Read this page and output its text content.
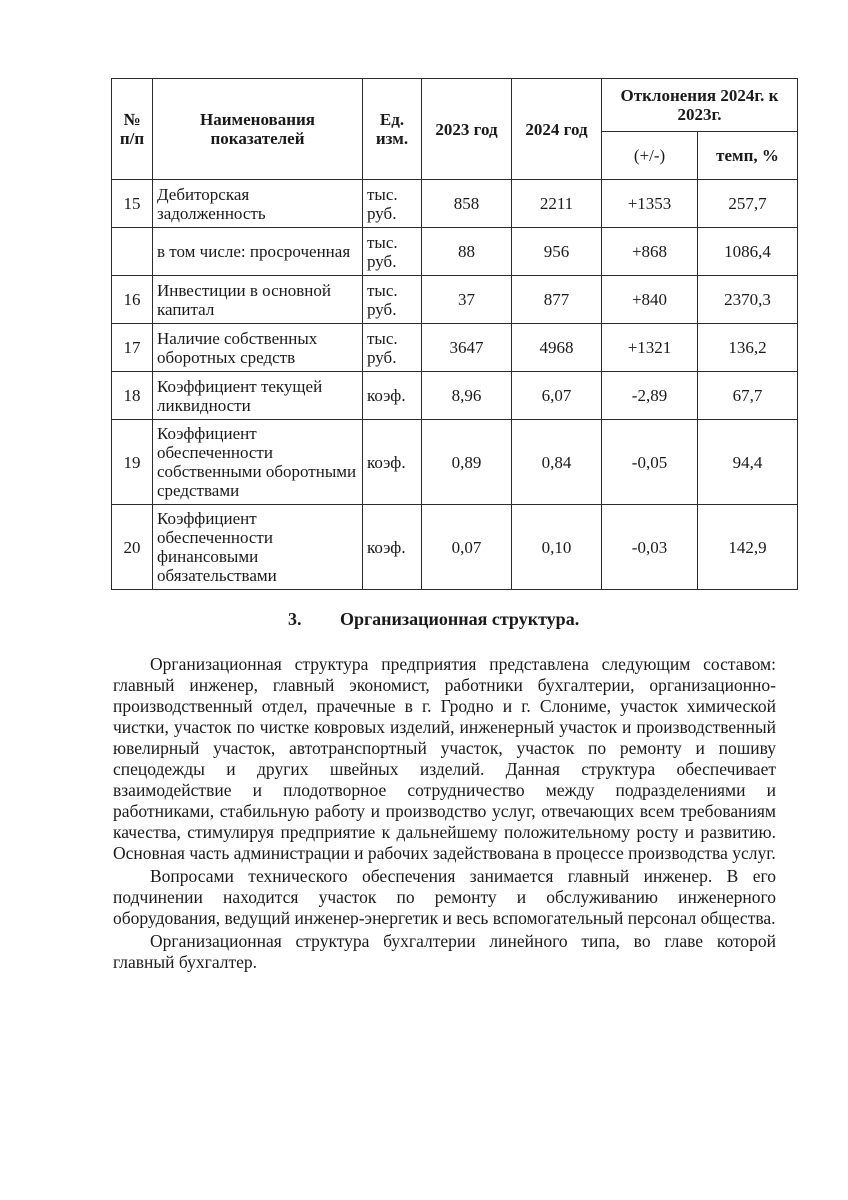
№ п/п	Наименования показателей	Ед. изм.	2023 год	2024 год	Отклонения 2024г. к 2023г.	
					(+/-)	темп, %
15	Дебиторская задолженность	тыс. руб.	858	2211	+1353	257,7
	в том числе: просроченная	тыс. руб.	88	956	+868	1086,4
16	Инвестиции в основной капитал	тыс. руб.	37	877	+840	2370,3
17	Наличие собственных оборотных средств	тыс. руб.	3647	4968	+1321	136,2
18	Коэффициент текущей ликвидности	коэф.	8,96	6,07	-2,89	67,7
19	Коэффициент обеспеченности собственными оборотными средствами	коэф.	0,89	0,84	-0,05	94,4
20	Коэффициент обеспеченности финансовыми обязательствами	коэф.	0,07	0,10	-0,03	142,9
3. Организационная структура.

Организационная структура предприятия представлена следующим составом: главный инженер, главный экономист, работники бухгалтерии, организационно-производственный отдел, прачечные в г. Гродно и г. Слониме, участок химической чистки, участок по чистке ковровых изделий, инженерный участок и производственный ювелирный участок, автотранспортный участок, участок по ремонту и пошиву спецодежды и других швейных изделий. Данная структура обеспечивает взаимодействие и плодотворное сотрудничество между подразделениями и работниками, стабильную работу и производство услуг, отвечающих всем требованиям качества, стимулируя предприятие к дальнейшему положительному росту и развитию. Основная часть администрации и рабочих задействована в процессе производства услуг.

Вопросами технического обеспечения занимается главный инженер. В его подчинении находится участок по ремонту и обслуживанию инженерного оборудования, ведущий инженер-энергетик и весь вспомогательный персонал общества.

Организационная структура бухгалтерии линейного типа, во главе которой главный бухгалтер.
